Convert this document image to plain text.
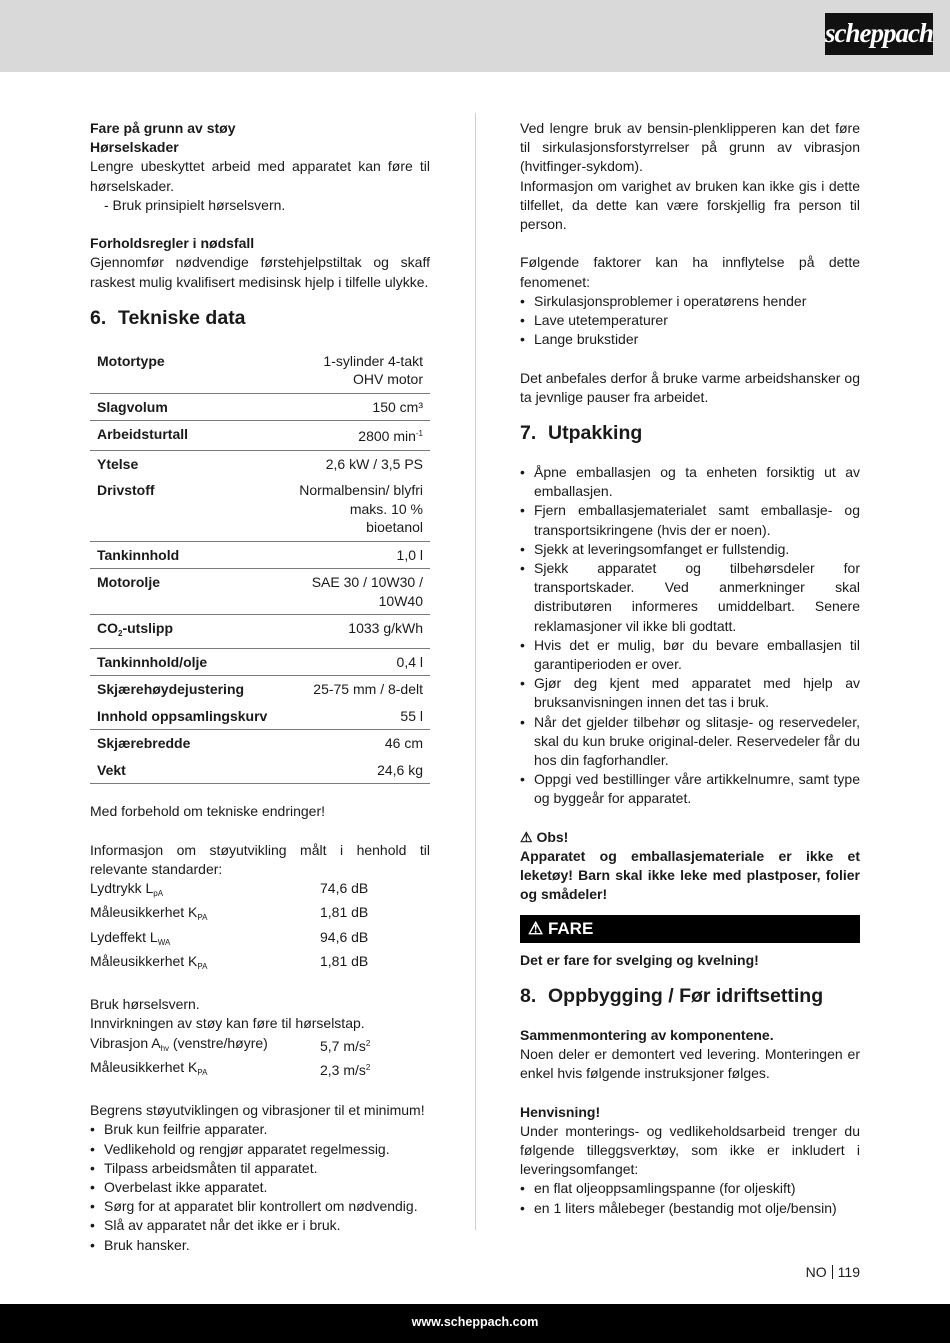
scheppach

Fare på grunn av støy

Hørselskader

Lengre ubeskyttet arbeid med apparatet kan føre til hørselskader.

- Bruk prinsipielt hørselsvern.

Forholdsregler i nødsfall

Gjennomfør nødvendige førstehjelpstiltak og skaff raskest mulig kvalifisert medisinsk hjelp i tilfelle ulykke.

6. Tekniske data
Motortype	1-sylinder 4-takt OHV motor
Slagvolum	150 cm³
Arbeidsturtall	2800 $\min^{-1}$
Ytelse	2,6 kW / 3,5 PS
Drivstoff	Normalbensin/ blyfri maks. 10 % bioetanol
Tankinnhold	1,0 l
Motorolje	SAE 30 / 10W30 / 10W40
$CO_2$-utslipp	1033 g/kWh
Tankinnhold/olje	0,4 l
Skjærehøydejustering	25-75 mm / 8-delt
Innhold oppsamlingskurv	55 l
Skjærebredde	46 cm
Vekt	24,6 kg

Med forbehold om tekniske endringer!

Informasjon om støyutvikling målt i henhold til relevante standarder:

Lydtrykk $L_{pA}$	74,6 dB
Måleusikkerhet $K_{PA}$	1,81 dB
Lydeffekt $L_{WA}$	94,6 dB
Måleusikkerhet $K_{PA}$	1,81 dB

Bruk hørselsvern.

Innvirkningen av støy kan føre til hørselstap.

Vibrasjon $A_{hv}$ (venstre/høyre)	5,7 $m/s^2$
Måleusikkerhet $K_{PA}$	2,3 $m/s^2$

Begrens støyutviklingen og vibrasjoner til et minimum!

• Bruk kun feilfrie apparater.
• Vedlikehold og rengjør apparatet regelmessig.
• Tilpass arbeidsmåten til apparatet.
• Overbelast ikke apparatet.
• Sørg for at apparatet blir kontrollert om nødvendig.
• Slå av apparatet når det ikke er i bruk.
• Bruk hansker.

Ved lengre bruk av bensin-plenklipperen kan det føre til sirkulasjonsforstyrrelser på grunn av vibrasjon (hvitfinger-sykdom).

Informasjon om varighet av bruken kan ikke gis i dette tilfellet, da dette kan være forskjellig fra person til person.

Følgende faktorer kan ha innflytelse på dette fenomenet:

• Sirkulasjonsproblemer i operatørens hender
• Lave utetemperaturer
• Lange brukstider

Det anbefales derfor å bruke varme arbeidshansker og ta jevnlige pauser fra arbeidet.

7. Utpakking
• Åpne emballasjen og ta enheten forsiktig ut av emballasjen.
• Fjern emballasjematerialet samt emballasje- og transportsikringene (hvis der er noen).
• Sjekk at leveringsomfanget er fullstendig.
• Sjekk apparatet og tilbehørsdeler for transportskader. Ved anmerkninger skal distributøren informeres umiddelbart. Senere reklamasjoner vil ikke bli godtatt.
• Hvis det er mulig, bør du bevare emballasjen til garantiperioden er over.
• Gjør deg kjent med apparatet med hjelp av bruksanvisningen innen det tas i bruk.
• Når det gjelder tilbehør og slitasje- og reservedeler, skal du kun bruke original-deler. Reservedeler får du hos din fagforhandler.
• Oppgi ved bestillinger våre artikkelnumre, samt type og byggeår for apparatet.

⚠ Obs!

Apparatet og emballasjemateriale er ikke et leketøy! Barn skal ikke leke med plastposer, folier og smådeler!

⚠ FARE

Det er fare for svelging og kvelning!

8. Oppbygging / Før idriftsetting

Sammenmontering av komponentene.

Noen deler er demontert ved levering. Monteringen er enkel hvis følgende instruksjoner følges.

Henvisning!

Under monterings- og vedlikeholdsarbeid trenger du følgende tilleggsverktøy, som ikke er inkludert i leveringsomfanget:

• en flat oljeoppsamlingspanne (for oljeskift)
• en 1 liters målebeger (bestandig mot olje/bensin)
NO 119
www.scheppach.com
